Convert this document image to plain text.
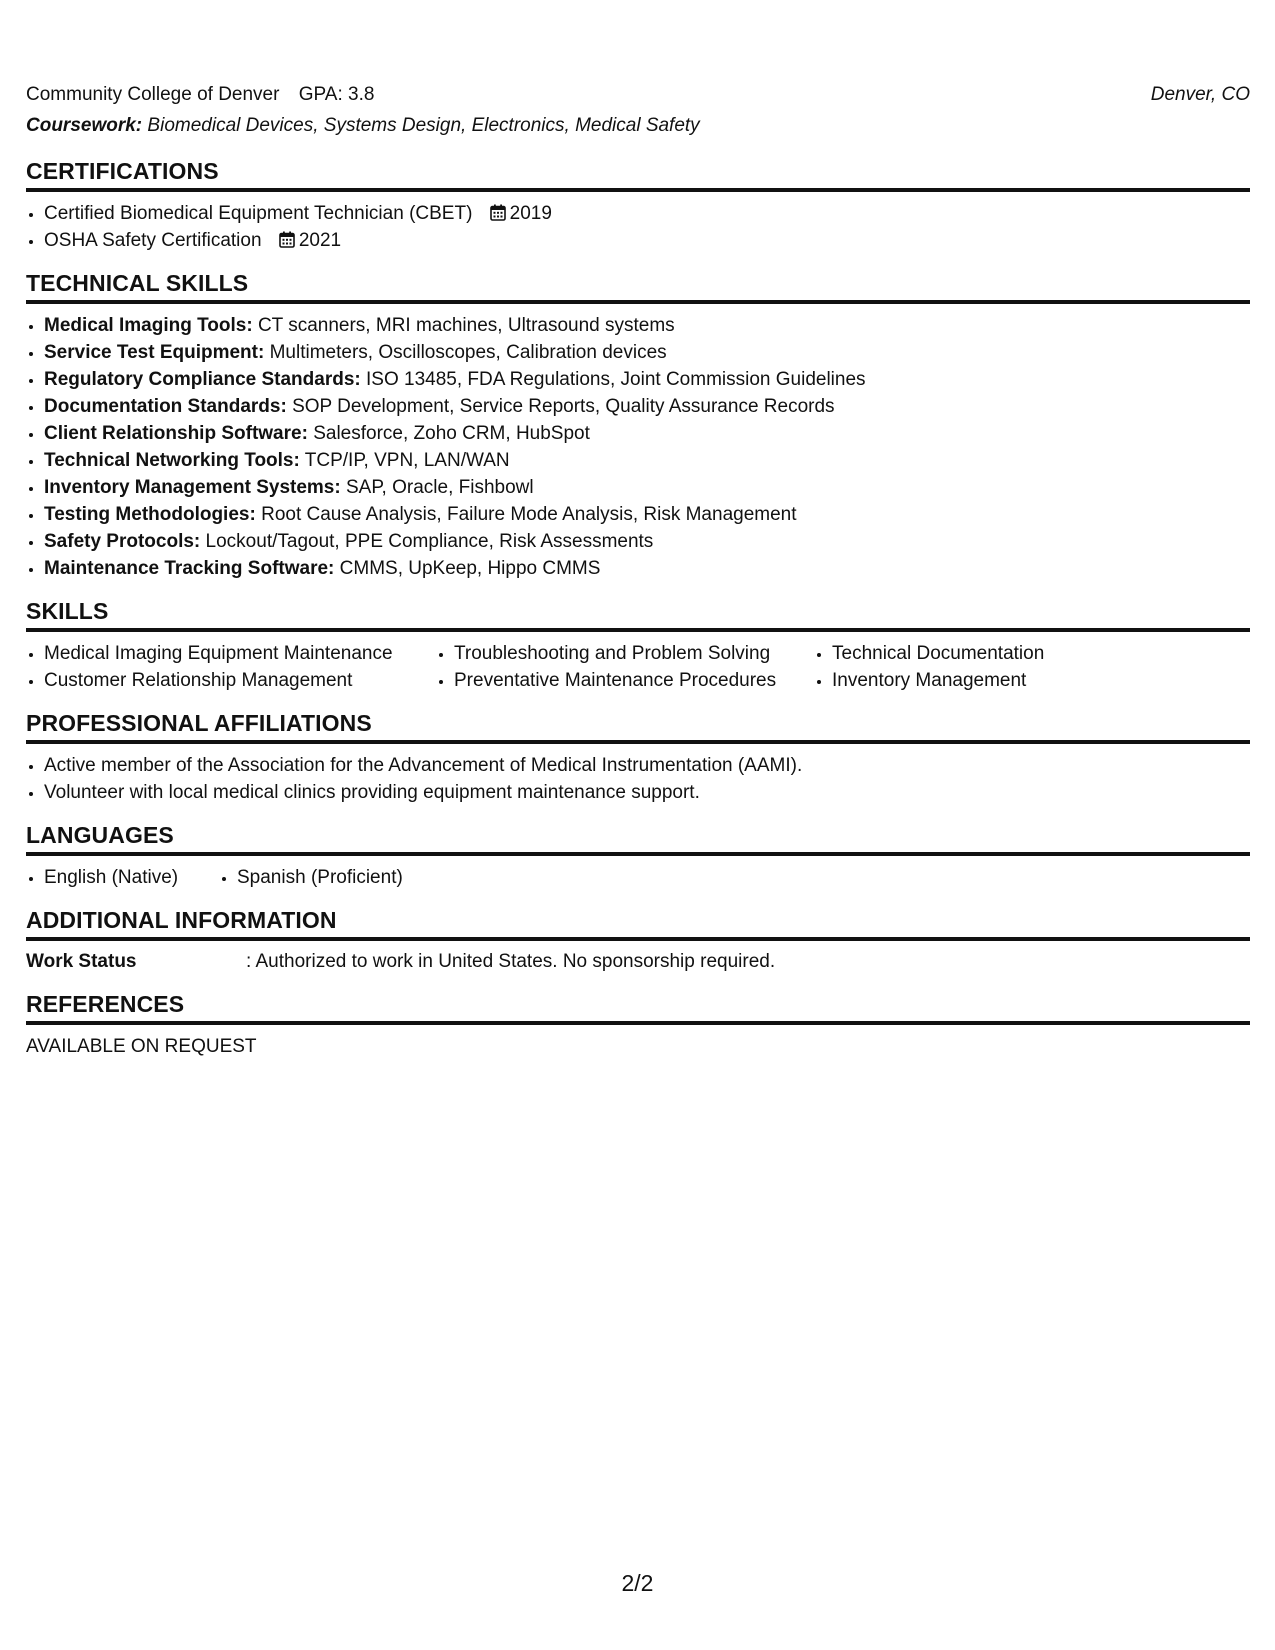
Community College of Denver GPA: 3.8	Denver, CO
Coursework: Biomedical Devices, Systems Design, Electronics, Medical Safety
CERTIFICATIONS
• Certified Biomedical Equipment Technician (CBET) 2019
• OSHA Safety Certification 2021
TECHNICAL SKILLS
• Medical Imaging Tools: CT scanners, MRI machines, Ultrasound systems
• Service Test Equipment: Multimeters, Oscilloscopes, Calibration devices
• Regulatory Compliance Standards: ISO 13485, FDA Regulations, Joint Commission Guidelines
• Documentation Standards: SOP Development, Service Reports, Quality Assurance Records
• Client Relationship Software: Salesforce, Zoho CRM, HubSpot
• Technical Networking Tools: TCP/IP, VPN, LAN/WAN
• Inventory Management Systems: SAP, Oracle, Fishbowl
• Testing Methodologies: Root Cause Analysis, Failure Mode Analysis, Risk Management
• Safety Protocols: Lockout/Tagout, PPE Compliance, Risk Assessments
• Maintenance Tracking Software: CMMS, UpKeep, Hippo CMMS
SKILLS
• Medical Imaging Equipment Maintenance
• Customer Relationship Management
• Troubleshooting and Problem Solving
• Preventative Maintenance Procedures
• Technical Documentation
• Inventory Management
PROFESSIONAL AFFILIATIONS
• Active member of the Association for the Advancement of Medical Instrumentation (AAMI).
• Volunteer with local medical clinics providing equipment maintenance support.
LANGUAGES
• English (Native)
•	Spanish (Proficient)
ADDITIONAL INFORMATION
Work Status	: Authorized to work in United States. No sponsorship required.
REFERENCES
AVAILABLE ON REQUEST
2/2
